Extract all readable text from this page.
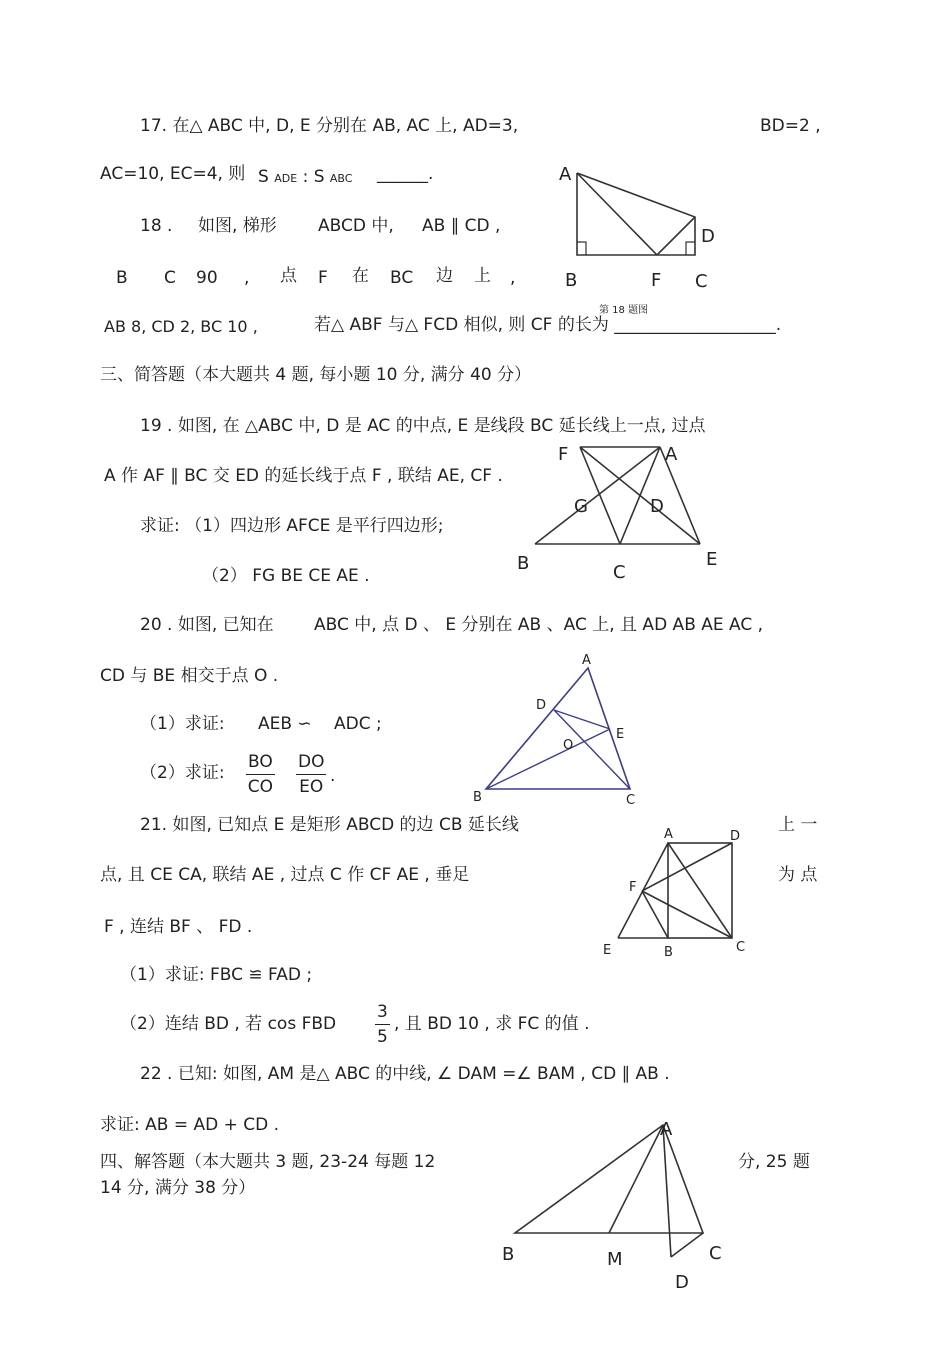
17. 在△ ABC 中, D, E 分别在 AB, AC 上, AD=3,	BD=2 ,
AC=10, EC=4, 则 S ADE : S ABC ______.	A
D
B	F C
第 18 题图
18 . 如图, 梯形 ABCD 中, AB ∥ CD ,
B C 90 , 点 F 在 BC 边 上 ,
AB 8, CD 2, BC 10 ,	若△ ABF 与△ FCD 相似, 则 CF 的长为 ___________________.
三、简答题（本大题共 4 题, 每小题 10 分, 满分 40 分）
19 . 如图, 在 △ABC 中, D 是 AC 的中点, E 是线段 BC 延长线上一点, 过点
A 作 AF ∥ BC 交 ED 的延长线于点 F , 联结 AE, CF .
求证: （1）四边形 AFCE 是平行四边形;
（2） FG BE CE AE .
F	A
G	D
B	C
E
20 . 如图, 已知在 ABC 中, 点 D 、 E 分别在 AB 、AC 上, 且 AD AB AE AC ,
CD 与 BE 相交于点 O .
（1）求证: AEB ∽ ADC ;
（2）求证: $\frac{BO}{CO} \frac{DO}{EO}$ .
A
D
E
O
B	C
21. 如图, 已知点 E 是矩形 ABCD 的边 CB 延长线	上 一
点, 且 CE CA, 联结 AE , 过点 C 作 CF AE , 垂足	为 点
F , 连结 BF 、 FD .
（1）求证: FBC ≌ FAD ;
（2）连结 BD , 若 cos FBD $\frac{3}{5}$ , 且 BD 10 , 求 FC 的值 .
A	D
F
E	B	C
22 . 已知: 如图, AM 是△ ABC 的中线, ∠ DAM =∠ BAM , CD ∥ AB .
求证: AB = AD + CD .
四、解答题（本大题共 3 题, 23-24 每题 12	分, 25 题
14 分, 满分 38 分）
A
B	M	C
D
